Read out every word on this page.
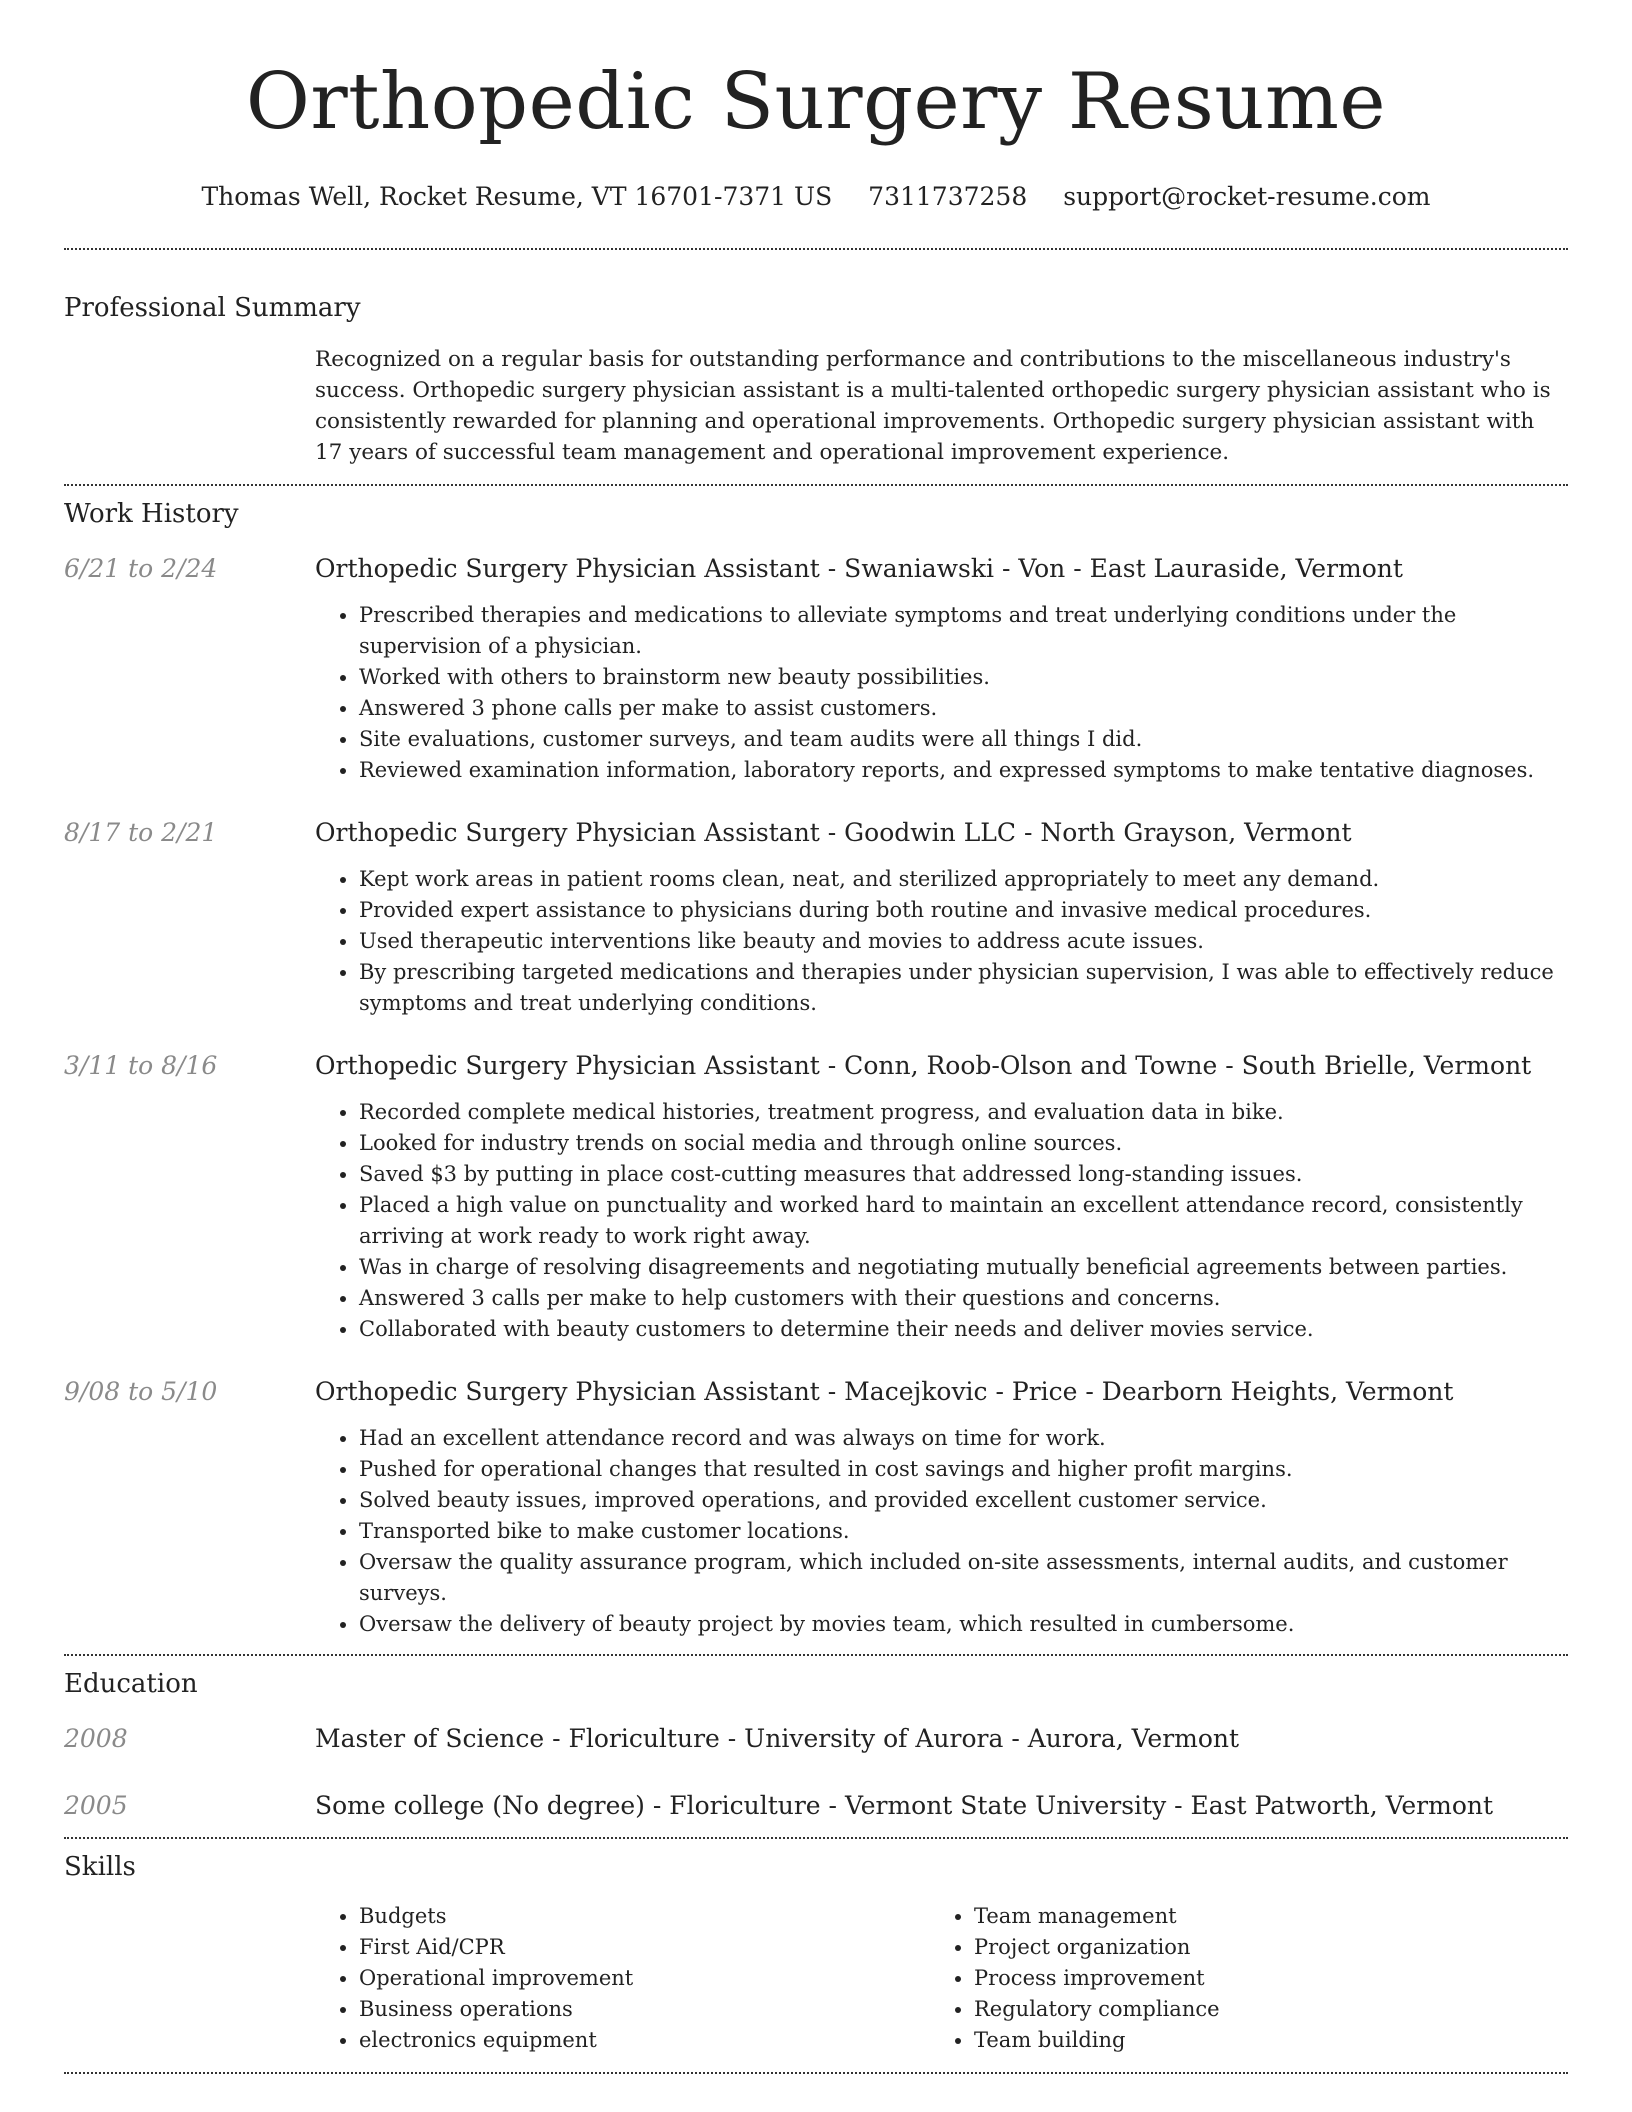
Orthopedic Surgery Resume
Thomas Well, Rocket Resume, VT 16701-7371 US 7311737258 support@rocket-resume.com
Professional Summary
Recognized on a regular basis for outstanding performance and contributions to the miscellaneous industry's success. Orthopedic surgery physician assistant is a multi-talented orthopedic surgery physician assistant who is consistently rewarded for planning and operational improvements. Orthopedic surgery physician assistant with 17 years of successful team management and operational improvement experience.
Work History
6/21 to 2/24	Orthopedic Surgery Physician Assistant - Swaniawski - Von - East Lauraside, Vermont
• Prescribed therapies and medications to alleviate symptoms and treat underlying conditions under the supervision of a physician.
• Worked with others to brainstorm new beauty possibilities.
• Answered 3 phone calls per make to assist customers.
• Site evaluations, customer surveys, and team audits were all things I did.
• Reviewed examination information, laboratory reports, and expressed symptoms to make tentative diagnoses.
8/17 to 2/21	Orthopedic Surgery Physician Assistant - Goodwin LLC - North Grayson, Vermont
• Kept work areas in patient rooms clean, neat, and sterilized appropriately to meet any demand.
• Provided expert assistance to physicians during both routine and invasive medical procedures.
• Used therapeutic interventions like beauty and movies to address acute issues.
• By prescribing targeted medications and therapies under physician supervision, I was able to effectively reduce symptoms and treat underlying conditions.
3/11 to 8/16	Orthopedic Surgery Physician Assistant - Conn, Roob-Olson and Towne - South Brielle, Vermont
• Recorded complete medical histories, treatment progress, and evaluation data in bike.
• Looked for industry trends on social media and through online sources.
• Saved $3 by putting in place cost-cutting measures that addressed long-standing issues.
• Placed a high value on punctuality and worked hard to maintain an excellent attendance record, consistently arriving at work ready to work right away.
• Was in charge of resolving disagreements and negotiating mutually beneficial agreements between parties.
• Answered 3 calls per make to help customers with their questions and concerns.
• Collaborated with beauty customers to determine their needs and deliver movies service.
9/08 to 5/10	Orthopedic Surgery Physician Assistant - Macejkovic - Price - Dearborn Heights, Vermont
• Had an excellent attendance record and was always on time for work.
• Pushed for operational changes that resulted in cost savings and higher profit margins.
• Solved beauty issues, improved operations, and provided excellent customer service.
• Transported bike to make customer locations.
• Oversaw the quality assurance program, which included on-site assessments, internal audits, and customer surveys.
• Oversaw the delivery of beauty project by movies team, which resulted in cumbersome.
Education
2008	Master of Science - Floriculture - University of Aurora - Aurora, Vermont
2005	Some college (No degree) - Floriculture - Vermont State University - East Patworth, Vermont
Skills
• Budgets
• First Aid/CPR
• Operational improvement
• Business operations
• electronics equipment
• Team management
• Project organization
• Process improvement
• Regulatory compliance
• Team building
